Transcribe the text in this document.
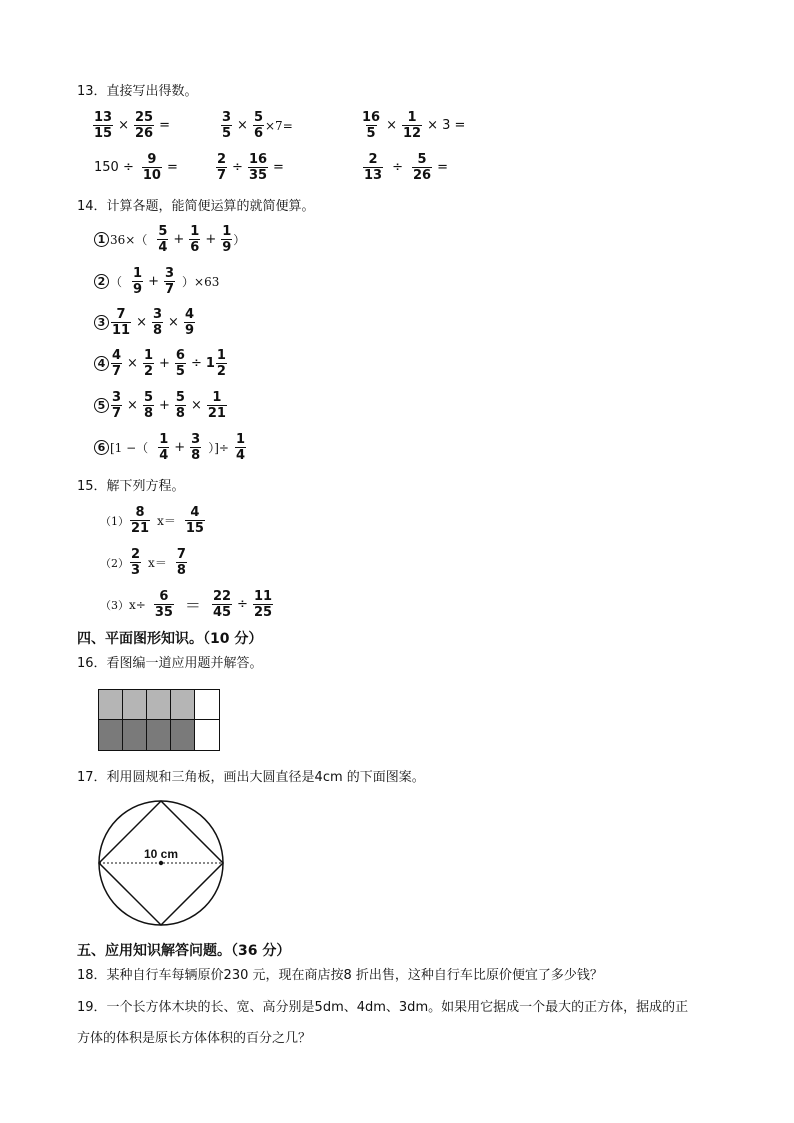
13．直接写出得数。
$\frac{13}{15} \times \frac{25}{26}$ =	$\frac{3}{5} \times \frac{5}{6} \times 7=$	$\frac{16}{5} \times \frac{1}{12} \times 3$ =
$150 \div \frac{9}{10}$ =	$\frac{2}{7} \div \frac{16}{35}$ =	$\frac{2}{13} \div \frac{5}{26}$ =
14．计算各题，能简便运算的就简便算。
1 36×（
5
4
+ $\frac{1}{6} + \frac{1}{9}$ ）
2 （
1
9
+ $\frac{3}{7} )\times 63$
$3 \frac{7}{11} \times \frac{3}{8} \times \frac{4}{9}$
$4 \frac{4}{7} \times \frac{1}{2} + \frac{6}{5} \div 1$
1
2
$5 \frac{3}{7} \times \frac{5}{8} + \frac{5}{8} \times \frac{1}{21}$
6 [1 −（
1
4
+ $\frac{3}{8}$ ）]÷ $\frac{1}{4}$
15．解下列方程。
（1）
8
21 x＝
4
15
（2）
2
3 x＝
7
8
（3） $x\div \frac{6}{35} = \frac{22}{45} \div \frac{11}{25}$
四、平面图形知识。（10 分）
16．看图编一道应用题并解答。
17．利用圆规和三角板，画出大圆直径是4cm 的下面图案。
10 cm
五、应用知识解答问题。（36 分）
18．某种自行车每辆原价230 元，现在商店按8 折出售，这种自行车比原价便宜了多少钱？
19．一个长方体木块的长、宽、高分别是5dm、4dm、3dm。如果用它据成一个最大的正方体，据成的正
方体的体积是原长方体体积的百分之几？
